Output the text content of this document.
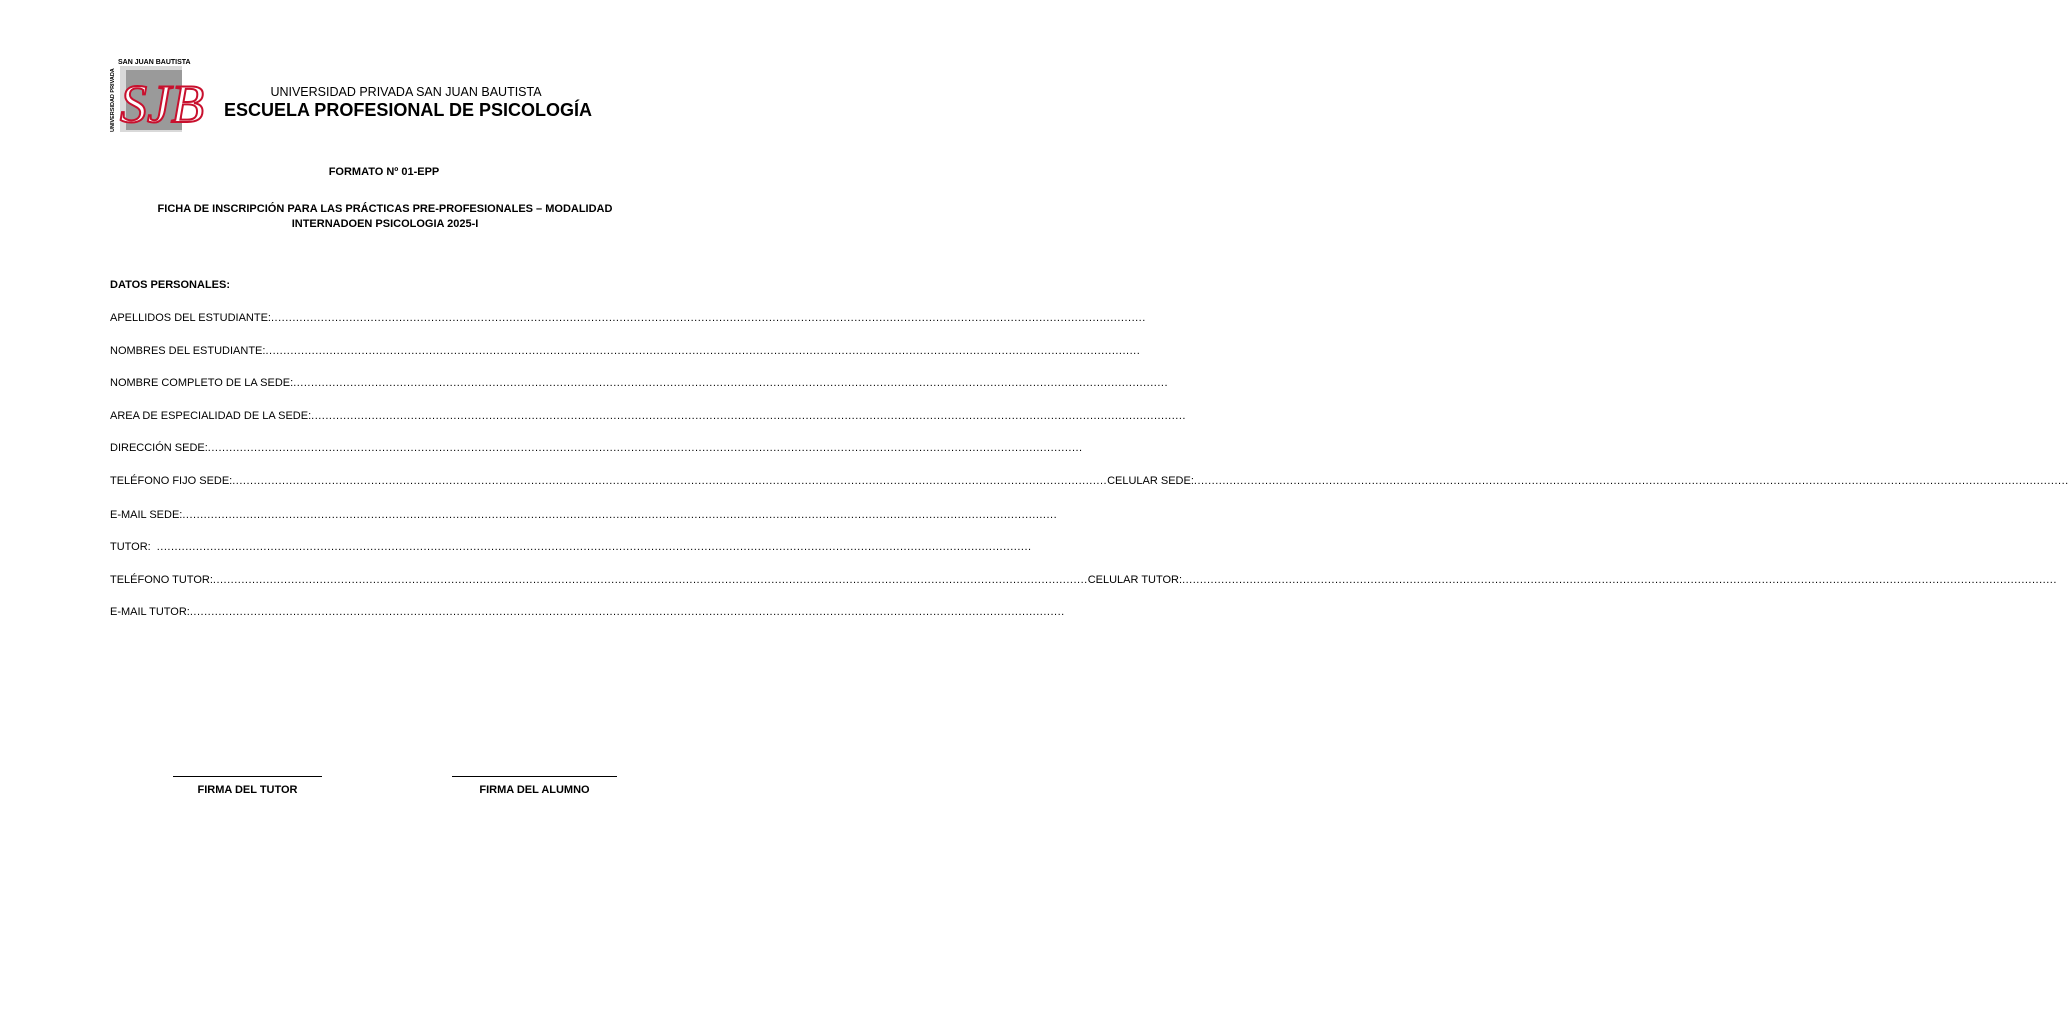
SAN JUAN BAUTISTA
UNIVERSIDAD PRIVADA SJB	UNIVERSIDAD PRIVADA SAN JUAN BAUTISTA
ESCUELA PROFESIONAL DE PSICOLOGÍA
FORMATO Nº 01-EPP
FICHA DE INSCRIPCIÓN PARA LAS PRÁCTICAS PRE-PROFESIONALES – MODALIDAD
INTERNADOEN PSICOLOGIA 2025-I
DATOS PERSONALES:
APELLIDOS DEL ESTUDIANTE:
.....
NOMBRES DEL ESTUDIANTE:
.....
NOMBRE COMPLETO DE LA SEDE:
.....
AREA DE ESPECIALIDAD DE LA SEDE:
.....
DIRECCIÓN SEDE:
.....
TELÉFONO FIJO SEDE: .....	CELULAR SEDE:
.....
E-MAIL SEDE:
.....
TUTOR:
.....
TELÉFONO TUTOR: .....	CELULAR TUTOR:
.....
E-MAIL TUTOR:
.....
FIRMA DEL TUTOR	FIRMA DEL ALUMNO
